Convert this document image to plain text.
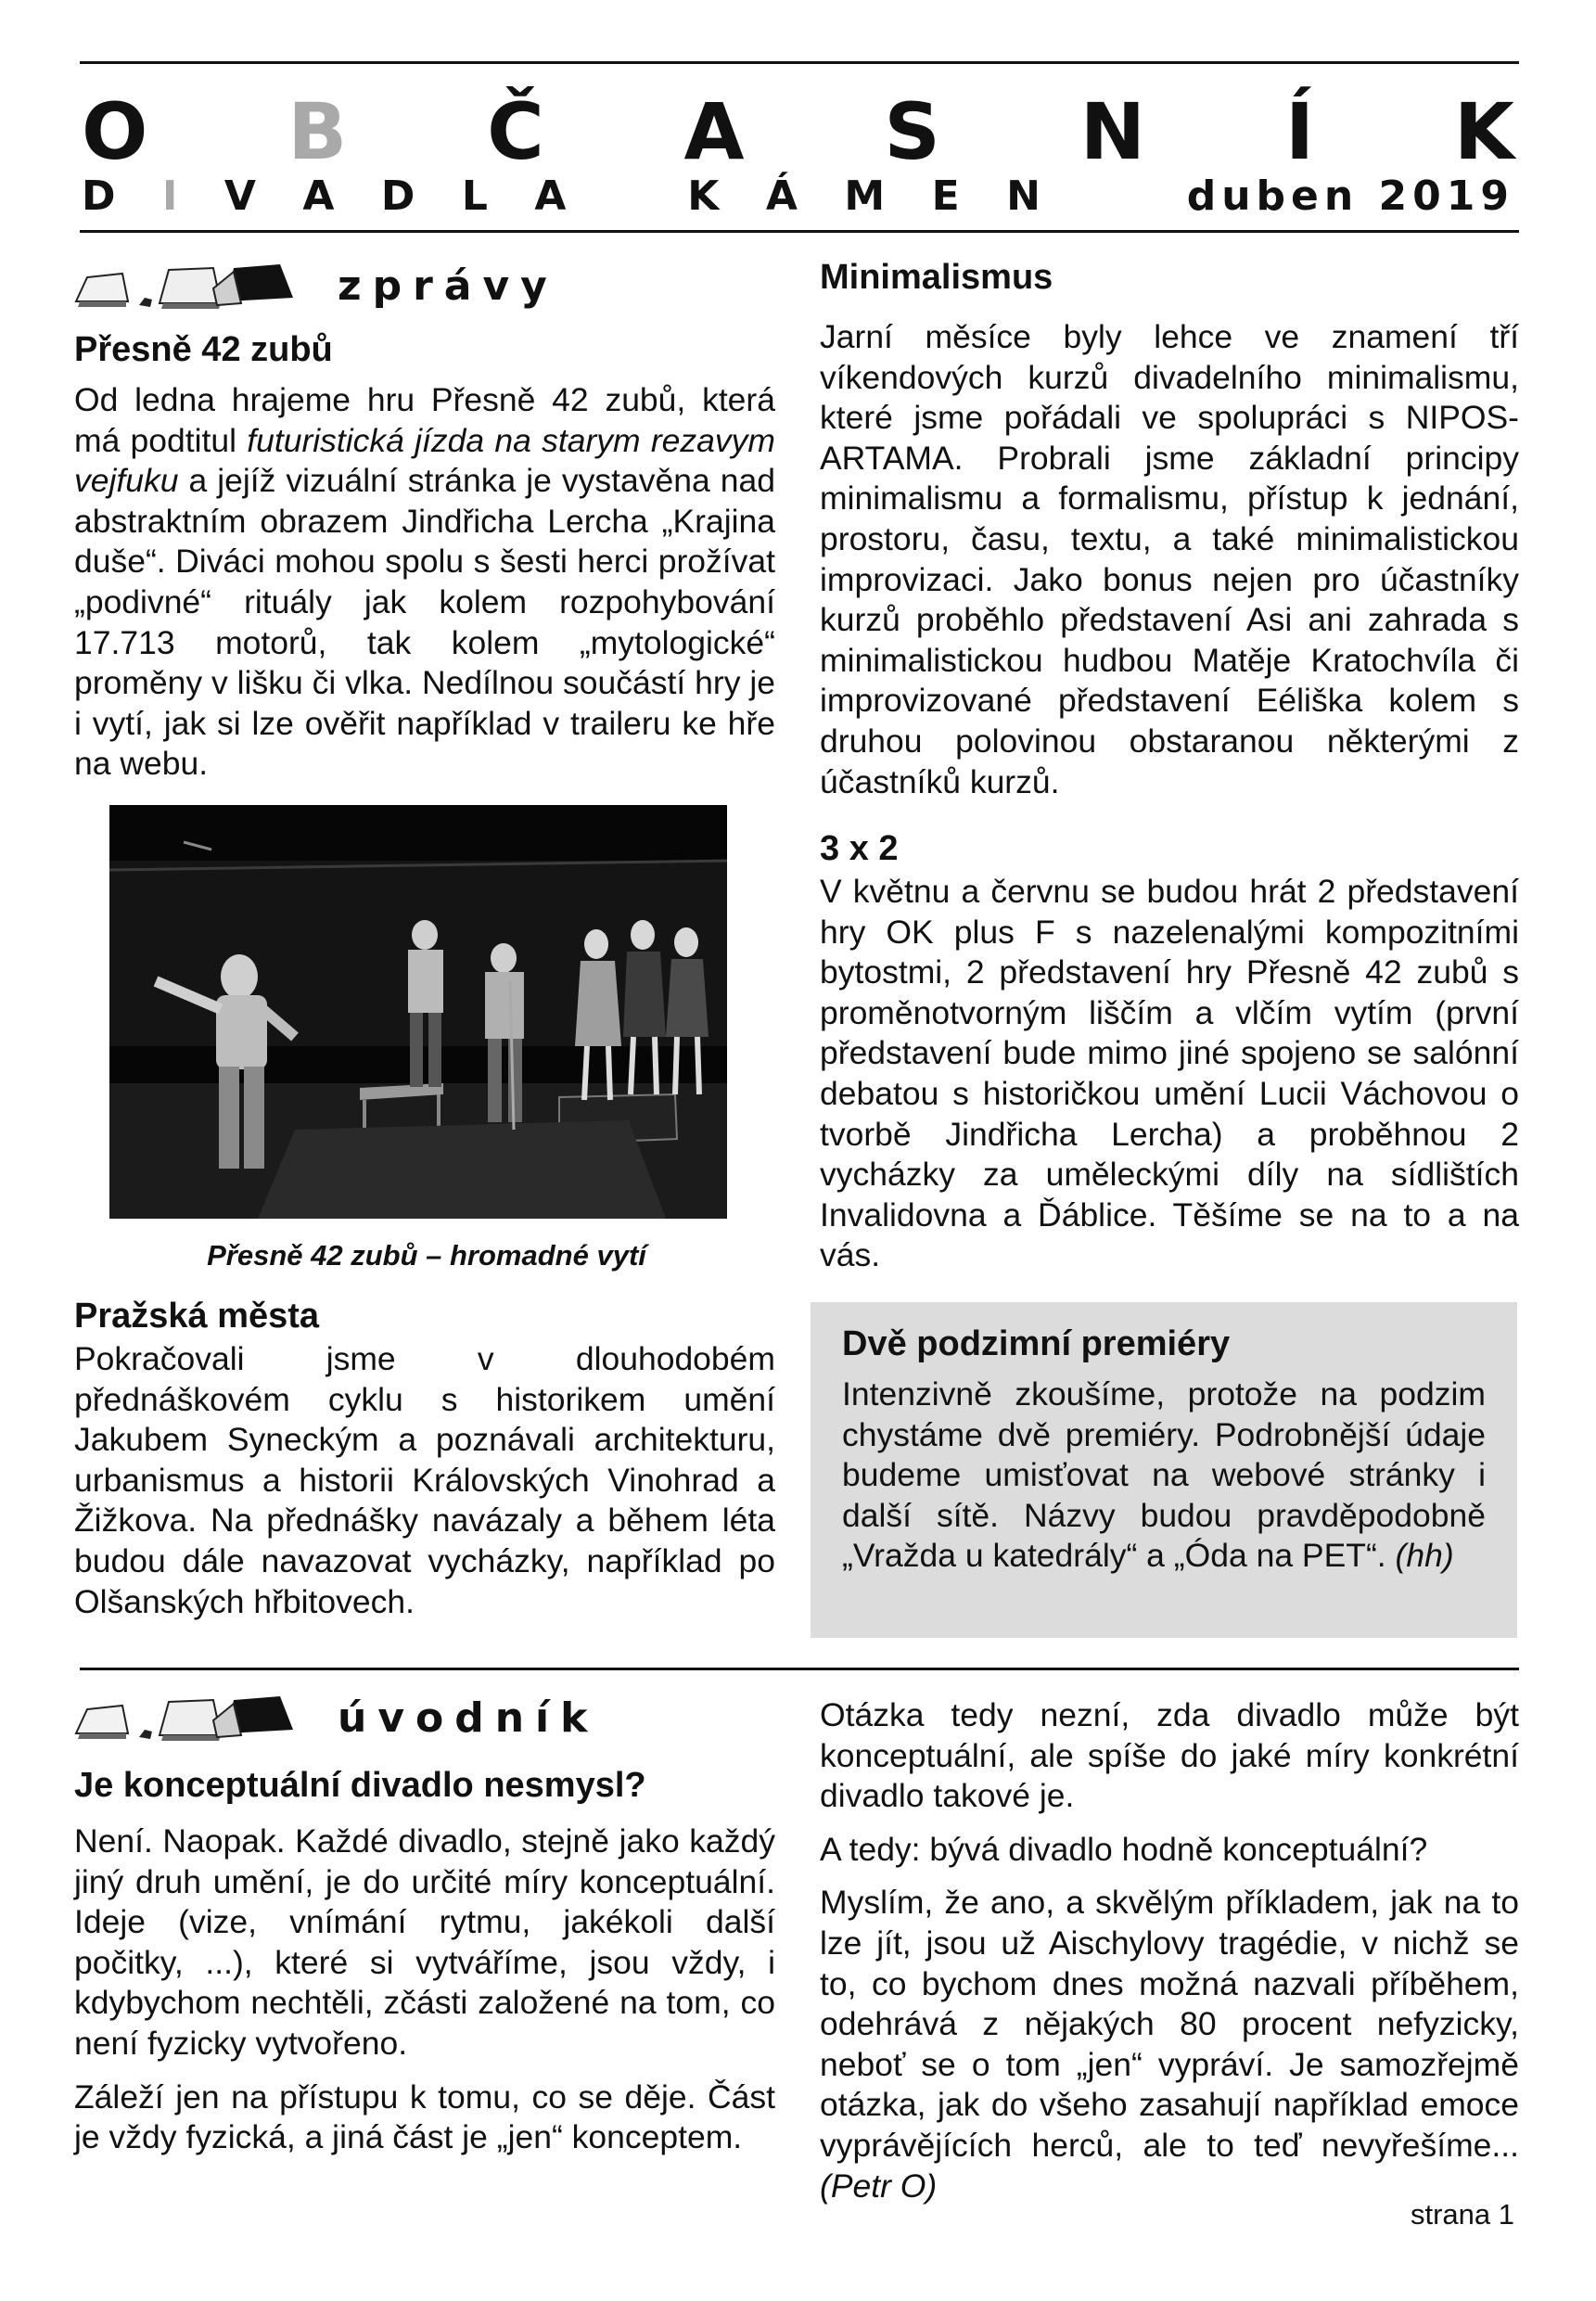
O B Č A S N Í K
D I V A D L A	K Á M E N	duben 2019
zprávy
Přesně 42 zubů

Od ledna hrajeme hru Přesně 42 zubů, která má podtitul futuristická jízda na starym rezavym vejfuku a jejíž vizuální stránka je vystavěna nad abstraktním obrazem Jindřicha Lercha „Krajina duše“. Diváci mohou spolu s šesti herci prožívat „podivné“ rituály jak kolem rozpohybování 17.713 motorů, tak kolem „mytologické“ proměny v lišku či vlka. Nedílnou součástí hry je i vytí, jak si lze ověřit například v traileru ke hře na webu.

Přesně 42 zubů – hromadné vytí
Pražská města

Pokračovali jsme v dlouhodobém přednáškovém cyklu s historikem umění Jakubem Syneckým a poznávali architekturu, urbanismus a historii Královských Vinohrad a Žižkova. Na přednášky navázaly a během léta budou dále navazovat vycházky, například po Olšanských hřbitovech.

Minimalismus

Jarní měsíce byly lehce ve znamení tří víkendových kurzů divadelního minimalismu, které jsme pořádali ve spolupráci s NIPOS-ARTAMA. Probrali jsme základní principy minimalismu a formalismu, přístup k jednání, prostoru, času, textu, a také minimalistickou improvizaci. Jako bonus nejen pro účastníky kurzů proběhlo představení Asi ani zahrada s minimalistickou hudbou Matěje Kratochvíla či improvizované představení Eéliška kolem s druhou polovinou obstaranou některými z účastníků kurzů.

3 x 2

V květnu a červnu se budou hrát 2 představení hry OK plus F s nazelenalými kompozitními bytostmi, 2 představení hry Přesně 42 zubů s proměnotvorným liščím a vlčím vytím (první představení bude mimo jiné spojeno se salónní debatou s historičkou umění Lucii Váchovou o tvorbě Jindřicha Lercha) a proběhnou 2 vycházky za uměleckými díly na sídlištích Invalidovna a Ďáblice. Těšíme se na to a na vás.

Dvě podzimní premiéry

Intenzivně zkoušíme, protože na podzim chystáme dvě premiéry. Podrobnější údaje budeme umisťovat na webové stránky i další sítě. Názvy budou pravděpodobně „Vražda u katedrály“ a „Óda na PET“. (hh)

úvodník
Je konceptuální divadlo nesmysl?

Není. Naopak. Každé divadlo, stejně jako každý jiný druh umění, je do určité míry konceptuální. Ideje (vize, vnímání rytmu, jakékoli další počitky, ...), které si vytváříme, jsou vždy, i kdybychom nechtěli, zčásti založené na tom, co není fyzicky vytvořeno.

Záleží jen na přístupu k tomu, co se děje. Část je vždy fyzická, a jiná část je „jen“ konceptem.

Otázka tedy nezní, zda divadlo může být konceptuální, ale spíše do jaké míry konkrétní divadlo takové je.

A tedy: bývá divadlo hodně konceptuální?

Myslím, že ano, a skvělým příkladem, jak na to lze jít, jsou už Aischylovy tragédie, v nichž se to, co bychom dnes možná nazvali příběhem, odehrává z nějakých 80 procent nefyzicky, neboť se o tom „jen“ vypráví. Je samozřejmě otázka, jak do všeho zasahují například emoce vyprávějících herců, ale to teď nevyřešíme... (Petr O)

strana 1
